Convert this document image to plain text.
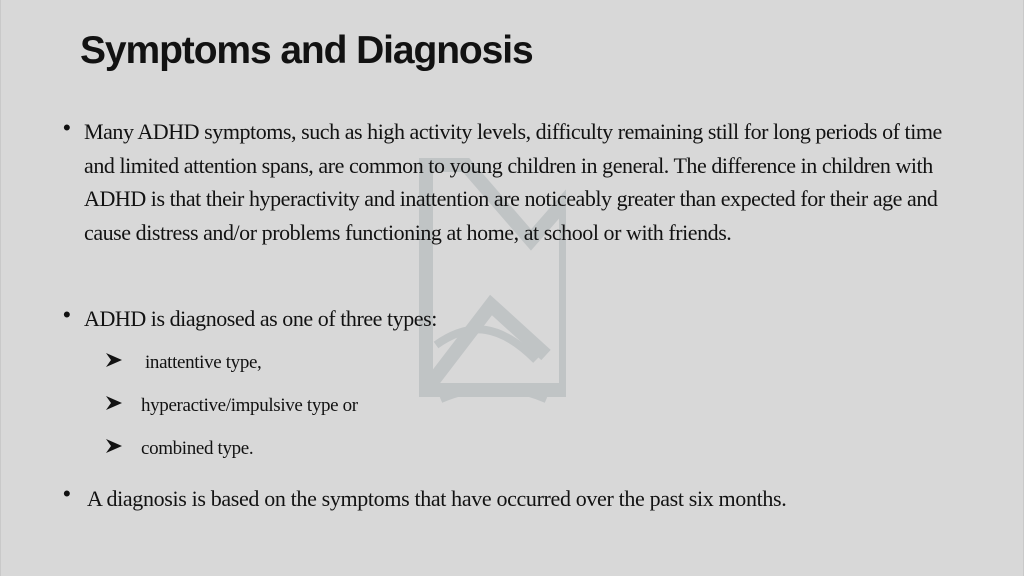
Symptoms and Diagnosis
• Many ADHD symptoms, such as high activity levels, difficulty remaining still for long periods of time and limited attention spans, are common to young children in general. The difference in children with ADHD is that their hyperactivity and inattention are noticeably greater than expected for their age and cause distress and/or problems functioning at home, at school or with friends.

• ADHD is diagnosed as one of three types:

inattentive type,

hyperactive/impulsive type or

combined type.

• A diagnosis is based on the symptoms that have occurred over the past six months.
